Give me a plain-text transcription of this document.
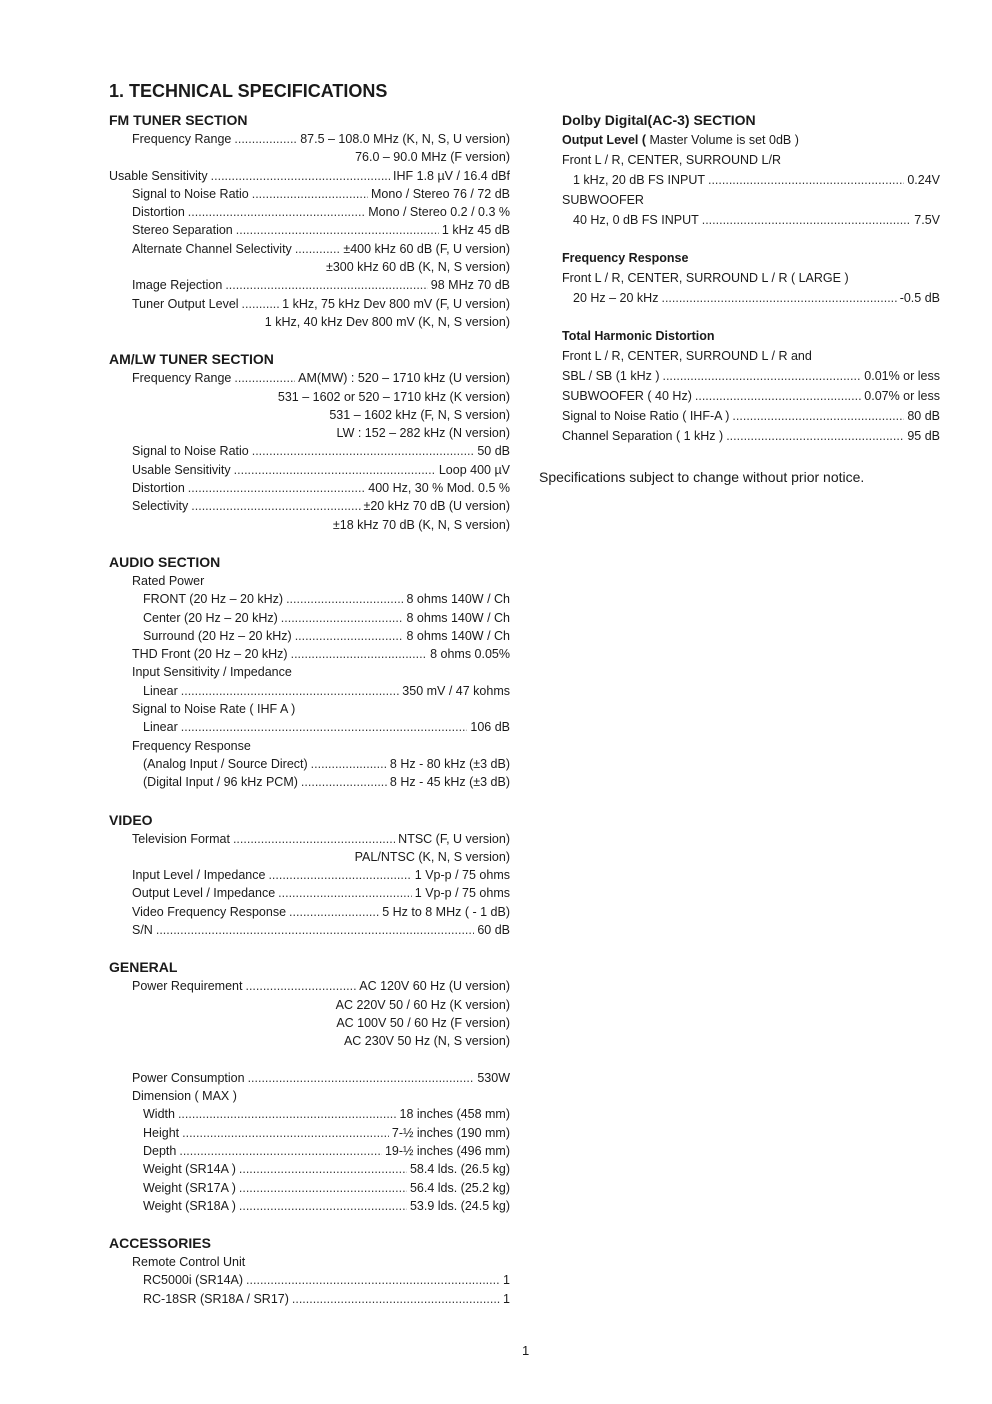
1. TECHNICAL SPECIFICATIONS
FM TUNER SECTION
Frequency Range .....	87.5 – 108.0 MHz (K, N, S, U version)
76.0 – 90.0 MHz (F version)
Usable Sensitivity .....	IHF 1.8 µV / 16.4 dBf
Signal to Noise Ratio .....	Mono / Stereo 76 / 72 dB
Distortion .....	Mono / Stereo 0.2 / 0.3 %
Stereo Separation .....	1 kHz 45 dB
Alternate Channel Selectivity .....	±400 kHz 60 dB (F, U version)
±300 kHz 60 dB (K, N, S version)
Image Rejection .....	98 MHz 70 dB
Tuner Output Level .....	1 kHz, 75 kHz Dev 800 mV (F, U version)
1 kHz, 40 kHz Dev 800 mV (K, N, S version)
AM/LW TUNER SECTION
Frequency Range .....	AM(MW) : 520 – 1710 kHz (U version)
531 – 1602 or 520 – 1710 kHz (K version)
531 – 1602 kHz (F, N, S version)
LW : 152 – 282 kHz (N version)
Signal to Noise Ratio .....	50 dB
Usable Sensitivity .....	Loop 400 µV
Distortion .....	400 Hz, 30 % Mod. 0.5 %
Selectivity .....	±20 kHz 70 dB (U version)
±18 kHz 70 dB (K, N, S version)
AUDIO SECTION
Rated Power
FRONT (20 Hz – 20 kHz) .....	8 ohms 140W / Ch
Center (20 Hz – 20 kHz) .....	8 ohms 140W / Ch
Surround (20 Hz – 20 kHz) .....	8 ohms 140W / Ch
THD Front (20 Hz – 20 kHz) .....	8 ohms 0.05%
Input Sensitivity / Impedance
Linear .....	350 mV / 47 kohms
Signal to Noise Rate ( IHF A )
Linear .....	106 dB
Frequency Response
(Analog Input / Source Direct) .....	8 Hz - 80 kHz (±3 dB)
(Digital Input / 96 kHz PCM) .....	8 Hz - 45 kHz (±3 dB)
VIDEO
Television Format .....	NTSC (F, U version)
PAL/NTSC (K, N, S version)
Input Level / Impedance .....	1 Vp-p / 75 ohms
Output Level / Impedance .....	1 Vp-p / 75 ohms
Video Frequency Response .....	5 Hz to 8 MHz ( - 1 dB)
S/N .....	60 dB
GENERAL
Power Requirement .....	AC 120V 60 Hz (U version)
AC 220V 50 / 60 Hz (K version)
AC 100V 50 / 60 Hz (F version)
AC 230V 50 Hz (N, S version)
Power Consumption .....	530W
Dimension ( MAX )
Width .....	18 inches (458 mm)
Height .....	7-½ inches (190 mm)
Depth .....	19-½ inches (496 mm)
Weight (SR14A ) .....	58.4 lds. (26.5 kg)
Weight (SR17A ) .....	56.4 lds. (25.2 kg)
Weight (SR18A ) .....	53.9 lds. (24.5 kg)
ACCESSORIES
Remote Control Unit
RC5000i (SR14A) .....	1
RC-18SR (SR18A / SR17) .....	1
Dolby Digital(AC-3) SECTION
Output Level ( Master Volume is set 0dB )
Front L / R, CENTER, SURROUND L/R
1 kHz, 20 dB FS INPUT .....	0.24V
SUBWOOFER
40 Hz, 0 dB FS INPUT .....	7.5V
Frequency Response
Front L / R, CENTER, SURROUND L / R ( LARGE )
20 Hz – 20 kHz .....	-0.5 dB
Total Harmonic Distortion
Front L / R, CENTER, SURROUND L / R and
SBL / SB (1 kHz ) .....	0.01% or less
SUBWOOFER ( 40 Hz) .....	0.07% or less
Signal to Noise Ratio ( IHF-A ) .....	80 dB
Channel Separation ( 1 kHz ) .....	95 dB
Specifications subject to change without prior notice.
1
